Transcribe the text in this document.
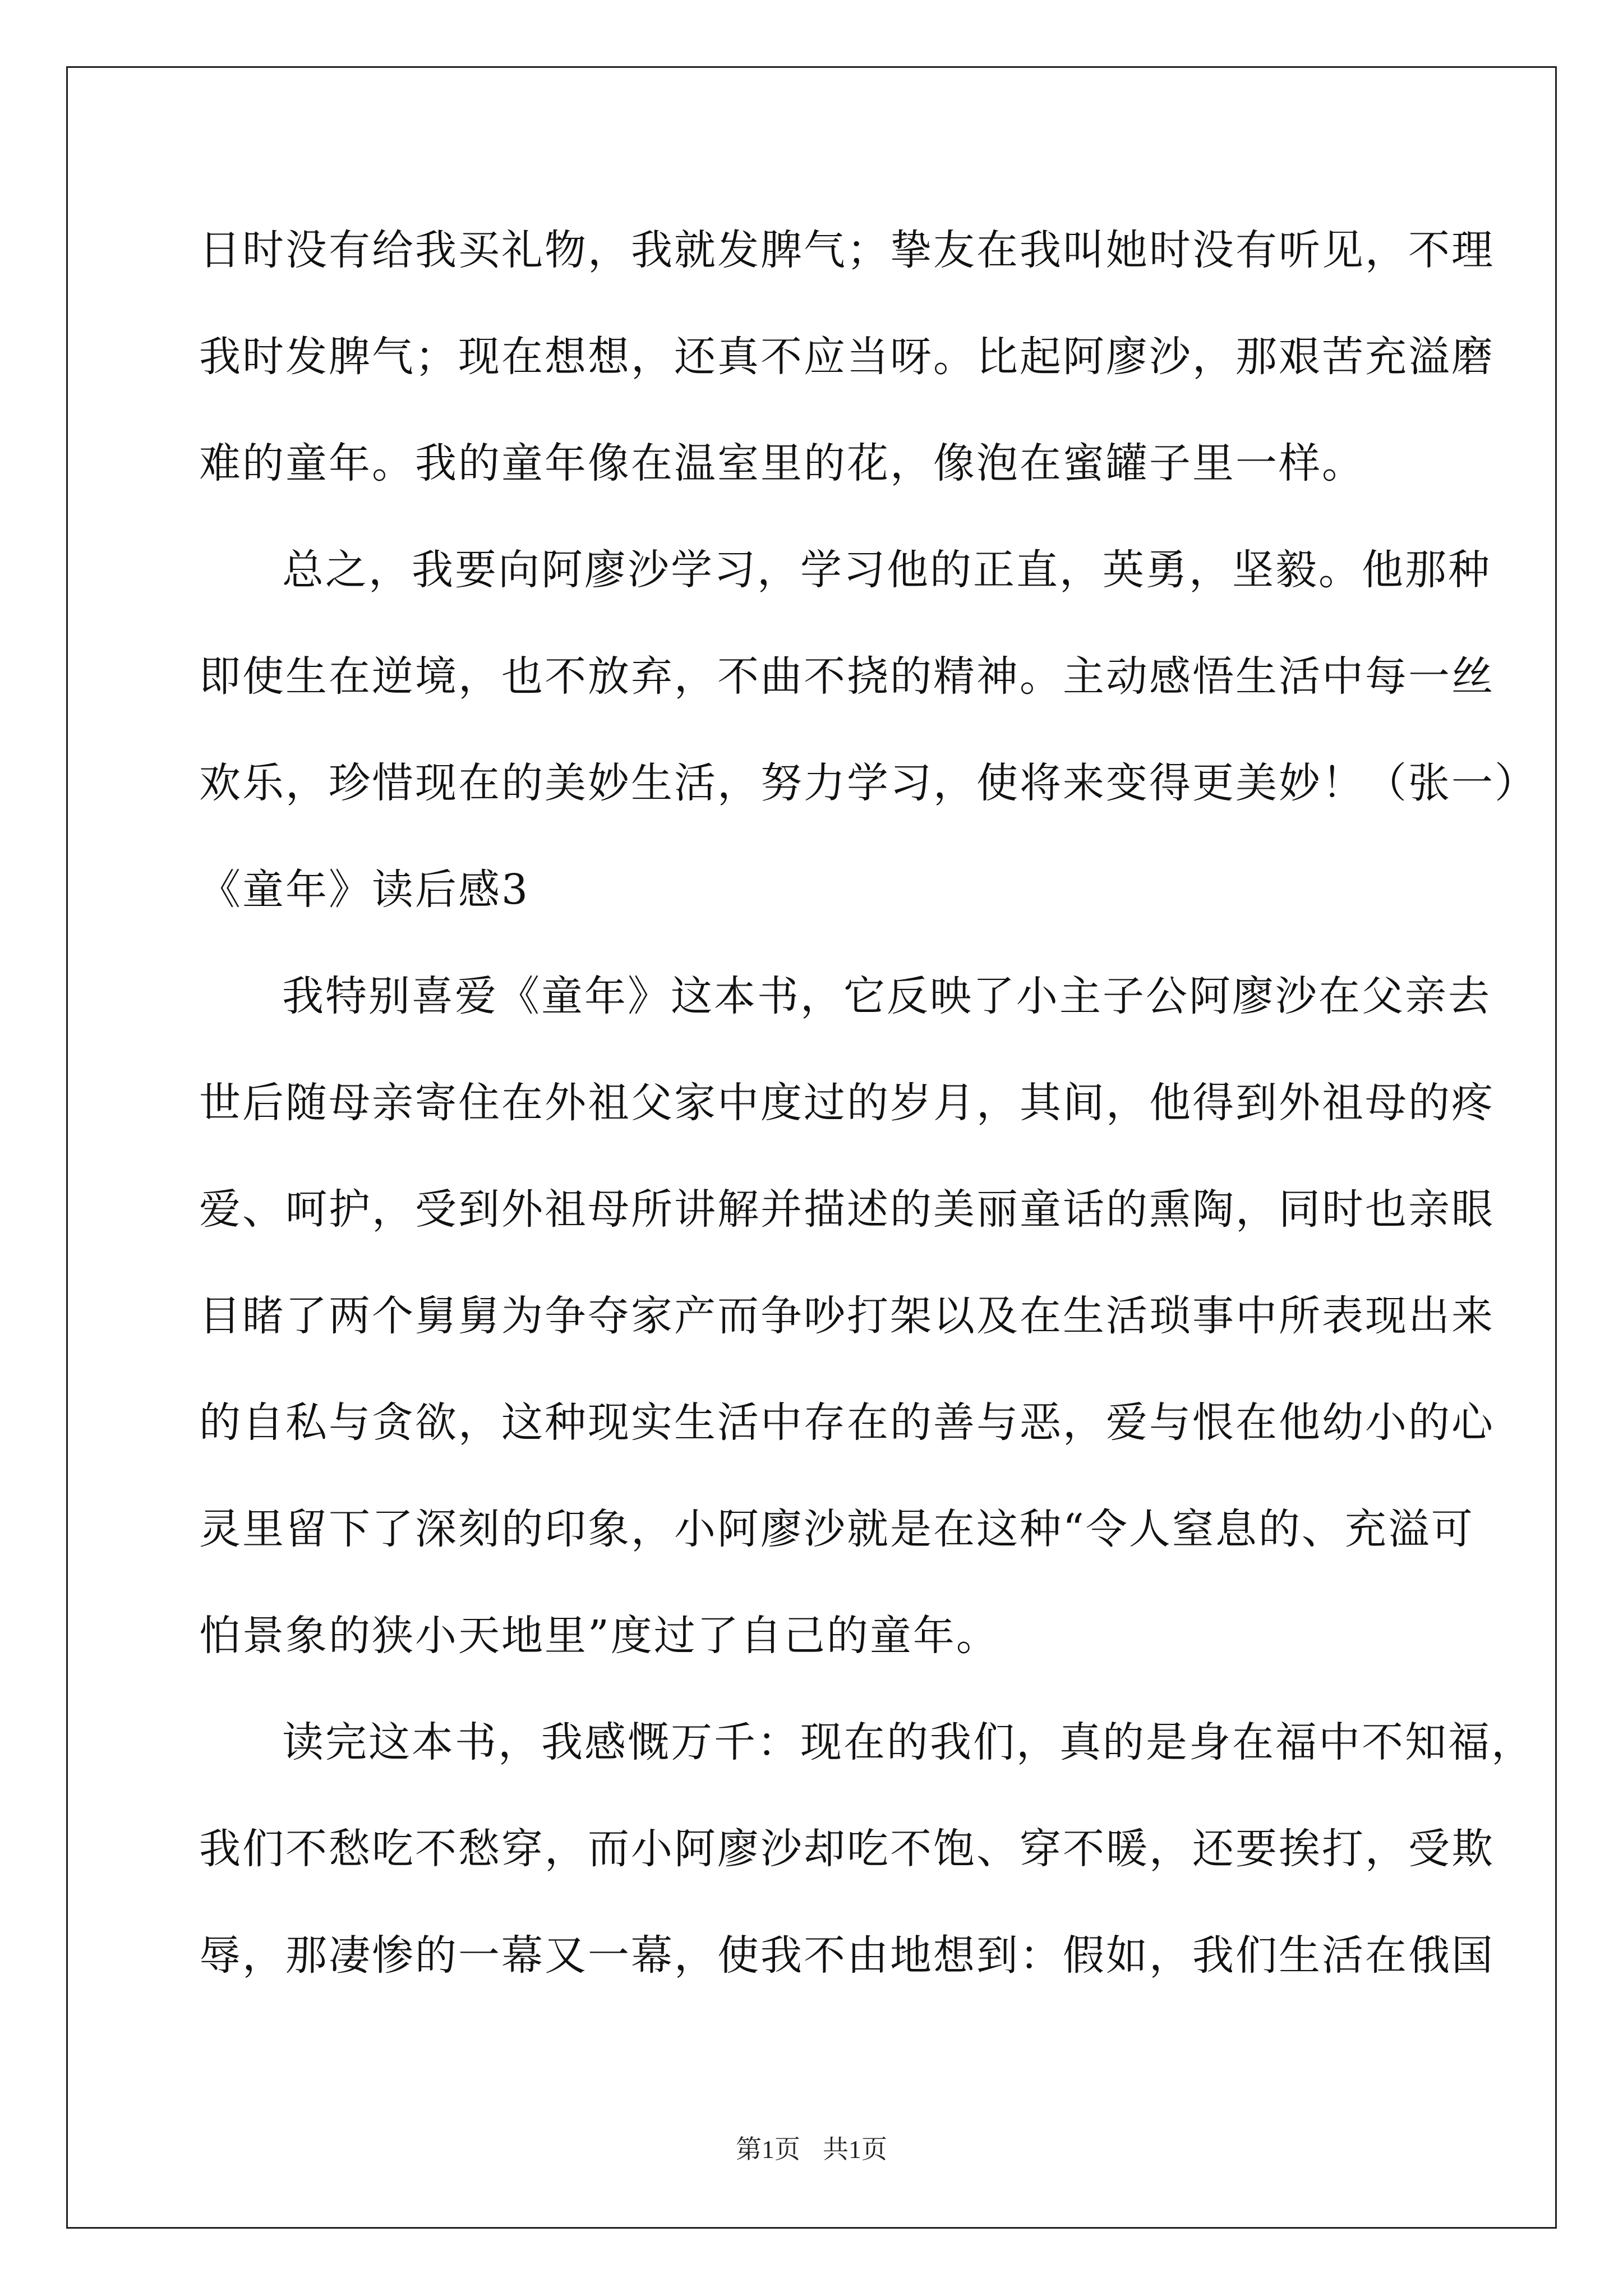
日时没有给我买礼物，我就发脾气；挚友在我叫她时没有听见，不理
我时发脾气；现在想想，还真不应当呀。比起阿廖沙，那艰苦充溢磨
难的童年。我的童年像在温室里的花，像泡在蜜罐子里一样。
总之，我要向阿廖沙学习，学习他的正直，英勇，坚毅。他那种
即使生在逆境，也不放弃，不曲不挠的精神。主动感悟生活中每一丝
欢乐，珍惜现在的美妙生活，努力学习，使将来变得更美妙！（张一）
《童年》读后感3
我特别喜爱《童年》这本书，它反映了小主子公阿廖沙在父亲去
世后随母亲寄住在外祖父家中度过的岁月，其间，他得到外祖母的疼
爱、呵护，受到外祖母所讲解并描述的美丽童话的熏陶，同时也亲眼
目睹了两个舅舅为争夺家产而争吵打架以及在生活琐事中所表现出来
的自私与贪欲，这种现实生活中存在的善与恶，爱与恨在他幼小的心
灵里留下了深刻的印象，小阿廖沙就是在这种“令人窒息的、充溢可
怕景象的狭小天地里”度过了自己的童年。
读完这本书，我感慨万千：现在的我们，真的是身在福中不知福，
我们不愁吃不愁穿，而小阿廖沙却吃不饱、穿不暖，还要挨打，受欺
辱，那凄惨的一幕又一幕，使我不由地想到：假如，我们生活在俄国
第1页 共1页
